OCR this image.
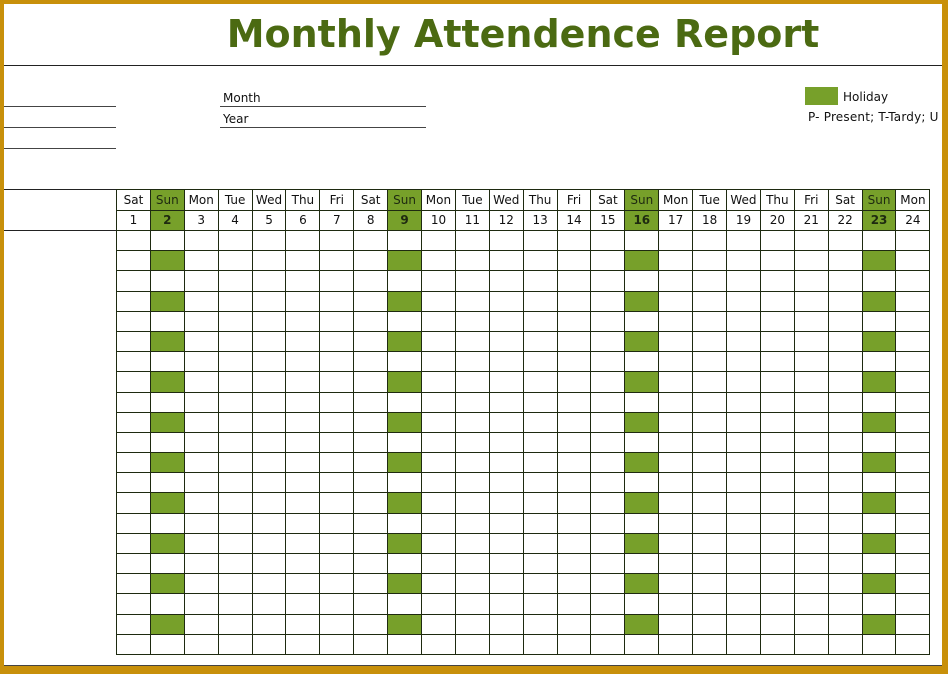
Monthly Attendence Report
Month
Year
Holiday
P- Present; T-Tardy; U
Sat	Sun	Mon	Tue	Wed	Thu	Fri	Sat	Sun	Mon	Tue	Wed	Thu	Fri	Sat	Sun	Mon	Tue	Wed	Thu	Fri	Sat	Sun	Mon
1	2	3	4	5	6	7	8	9	10	11	12	13	14	15	16	17	18	19	20	21	22	23	24
